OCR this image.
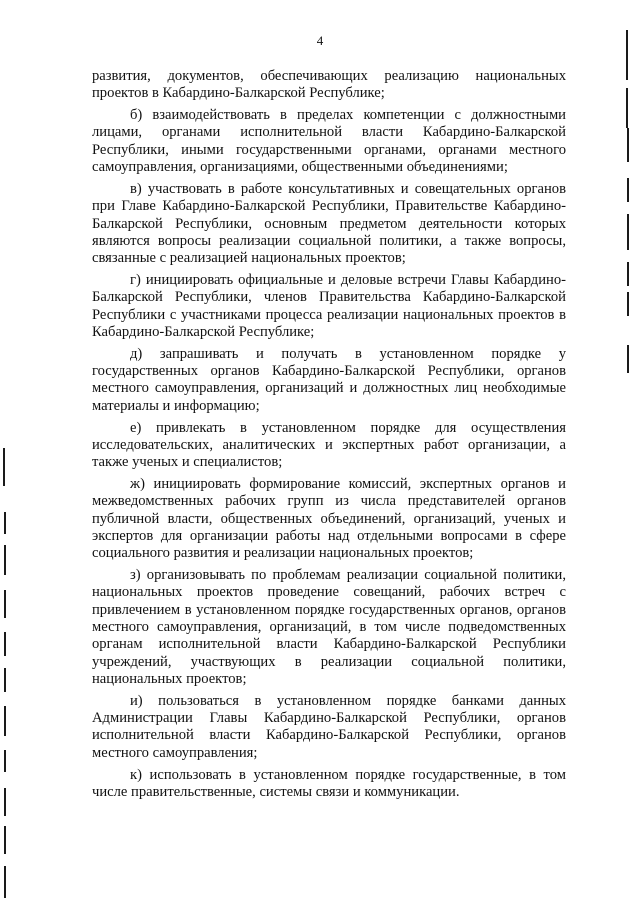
4

развития, документов, обеспечивающих реализацию национальных проектов в Кабардино-Балкарской Республике;

б) взаимодействовать в пределах компетенции с должностными лицами, органами исполнительной власти Кабардино-Балкарской Республики, иными государственными органами, органами местного самоуправления, организациями, общественными объединениями;

в) участвовать в работе консультативных и совещательных органов при Главе Кабардино-Балкарской Республики, Правительстве Кабардино-Балкарской Республики, основным предметом деятельности которых являются вопросы реализации социальной политики, а также вопросы, связанные с реализацией национальных проектов;

г) инициировать официальные и деловые встречи Главы Кабардино-Балкарской Республики, членов Правительства Кабардино-Балкарской Республики с участниками процесса реализации национальных проектов в Кабардино-Балкарской Республике;

д) запрашивать и получать в установленном порядке у государственных органов Кабардино-Балкарской Республики, органов местного самоуправления, организаций и должностных лиц необходимые материалы и информацию;

е) привлекать в установленном порядке для осуществления исследовательских, аналитических и экспертных работ организации, а также ученых и специалистов;

ж) инициировать формирование комиссий, экспертных органов и межведомственных рабочих групп из числа представителей органов публичной власти, общественных объединений, организаций, ученых и экспертов для организации работы над отдельными вопросами в сфере социального развития и реализации национальных проектов;

з) организовывать по проблемам реализации социальной политики, национальных проектов проведение совещаний, рабочих встреч с привлечением в установленном порядке государственных органов, органов местного самоуправления, организаций, в том числе подведомственных органам исполнительной власти Кабардино-Балкарской Республики учреждений, участвующих в реализации социальной политики, национальных проектов;

и) пользоваться в установленном порядке банками данных Администрации Главы Кабардино-Балкарской Республики, органов исполнительной власти Кабардино-Балкарской Республики, органов местного самоуправления;

к) использовать в установленном порядке государственные, в том числе правительственные, системы связи и коммуникации.
